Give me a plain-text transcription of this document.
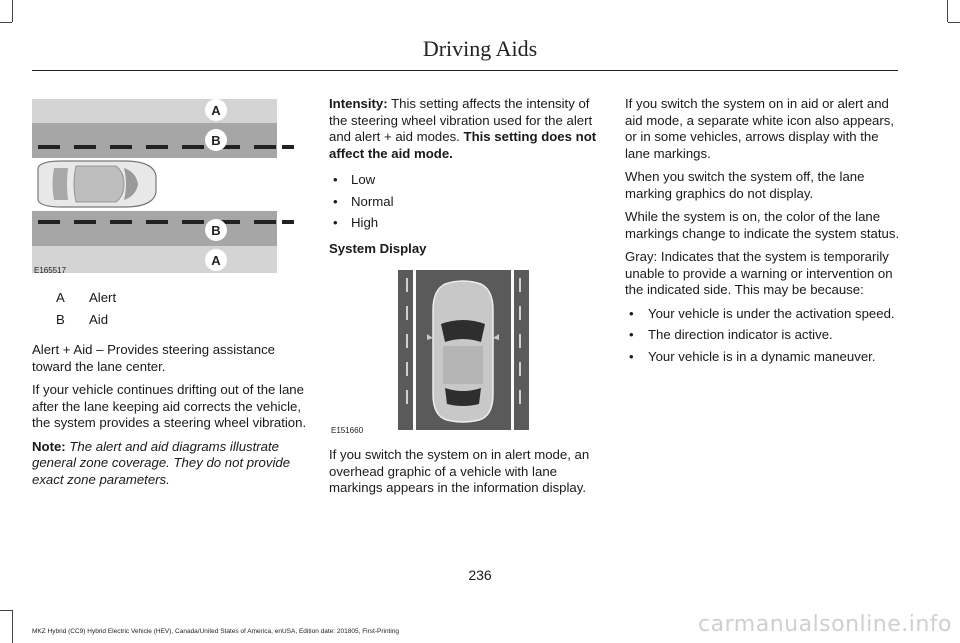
Driving Aids
A
B
B
A
E165517
A	Alert
B	Aid

Alert + Aid – Provides steering assistance toward the lane center.

If your vehicle continues drifting out of the lane after the lane keeping aid corrects the vehicle, the system provides a steering wheel vibration.

Note: The alert and aid diagrams illustrate general zone coverage. They do not provide exact zone parameters.

Intensity: This setting affects the intensity of the steering wheel vibration used for the alert and alert + aid modes. This setting does not affect the aid mode.

• Low
• Normal
• High

System Display

E151660

If you switch the system on in alert mode, an overhead graphic of a vehicle with lane markings appears in the information display.

If you switch the system on in aid or alert and aid mode, a separate white icon also appears, or in some vehicles, arrows display with the lane markings.

When you switch the system off, the lane marking graphics do not display.

While the system is on, the color of the lane markings change to indicate the system status.

Gray: Indicates that the system is temporarily unable to provide a warning or intervention on the indicated side. This may be because:

• Your vehicle is under the activation speed.
• The direction indicator is active.
• Your vehicle is in a dynamic maneuver.
236
MKZ Hybrid (CC9) Hybrid Electric Vehicle (HEV), Canada/United States of America, enUSA, Edition date: 201805, First-Printing	carmanualsonline.info
